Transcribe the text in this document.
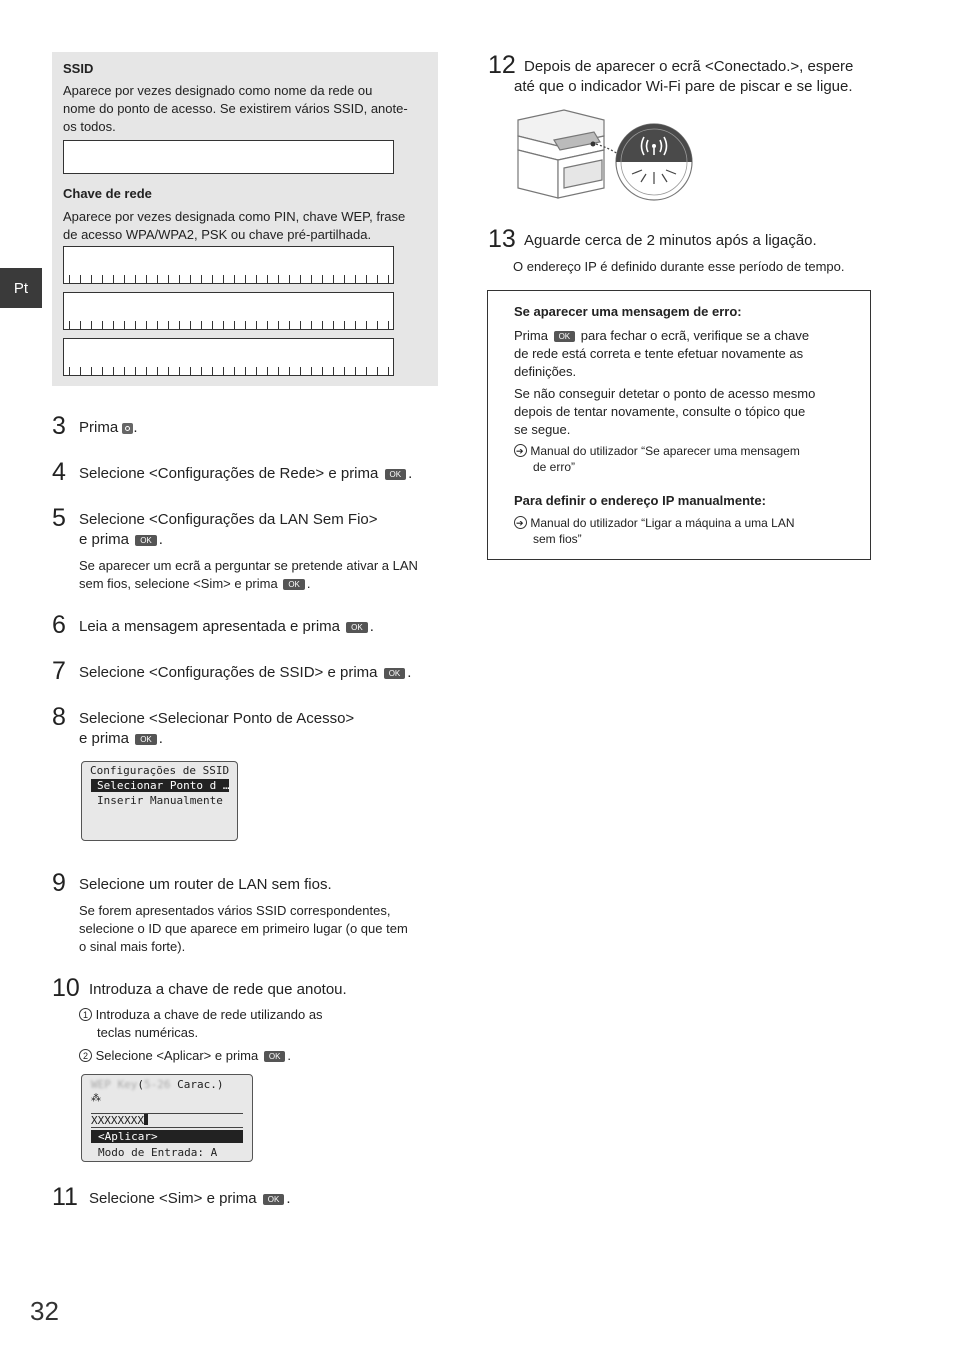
Pt
SSID
Aparece por vezes designado como nome da rede ou
nome do ponto de acesso. Se existirem vários SSID, anote-
os todos.
Chave de rede
Aparece por vezes designada como PIN, chave WEP, frase
de acesso WPA/WPA2, PSK ou chave pré-partilhada.
3 Prima .
4 Selecione <Configurações de Rede> e prima OK .
5 Selecione <Configurações da LAN Sem Fio>
e prima OK .
Se aparecer um ecrã a perguntar se pretende ativar a LAN
sem fios, selecione <Sim> e prima OK .
6 Leia a mensagem apresentada e prima OK .
7 Selecione <Configurações de SSID> e prima OK .
8 Selecione <Selecionar Ponto de Acesso>
e prima OK .
Configurações de SSID
Selecionar Ponto d …
Inserir Manualmente
9 Selecione um router de LAN sem fios.
Se forem apresentados vários SSID correspondentes,
selecione o ID que aparece em primeiro lugar (o que tem
o sinal mais forte).
10 Introduza a chave de rede que anotou.
1 Introduza a chave de rede utilizando as
teclas numéricas.
2 Selecione <Aplicar> e prima OK .
WEP Key(5-26 Carac.)
⁂
XXXXXXXX
<Aplicar>
Modo de Entrada: A
11 Selecione <Sim> e prima OK .
12 Depois de aparecer o ecrã <Conectado.>, espere
até que o indicador Wi-Fi pare de piscar e se ligue.
13 Aguarde cerca de 2 minutos após a ligação.
O endereço IP é definido durante esse período de tempo.
Se aparecer uma mensagem de erro:
Prima OK para fechar o ecrã, verifique se a chave
de rede está correta e tente efetuar novamente as
definições.
Se não conseguir detetar o ponto de acesso mesmo
depois de tentar novamente, consulte o tópico que
se segue.
➔ Manual do utilizador “Se aparecer uma mensagem
de erro”
Para definir o endereço IP manualmente:
➔ Manual do utilizador “Ligar a máquina a uma LAN
sem fios”
32
